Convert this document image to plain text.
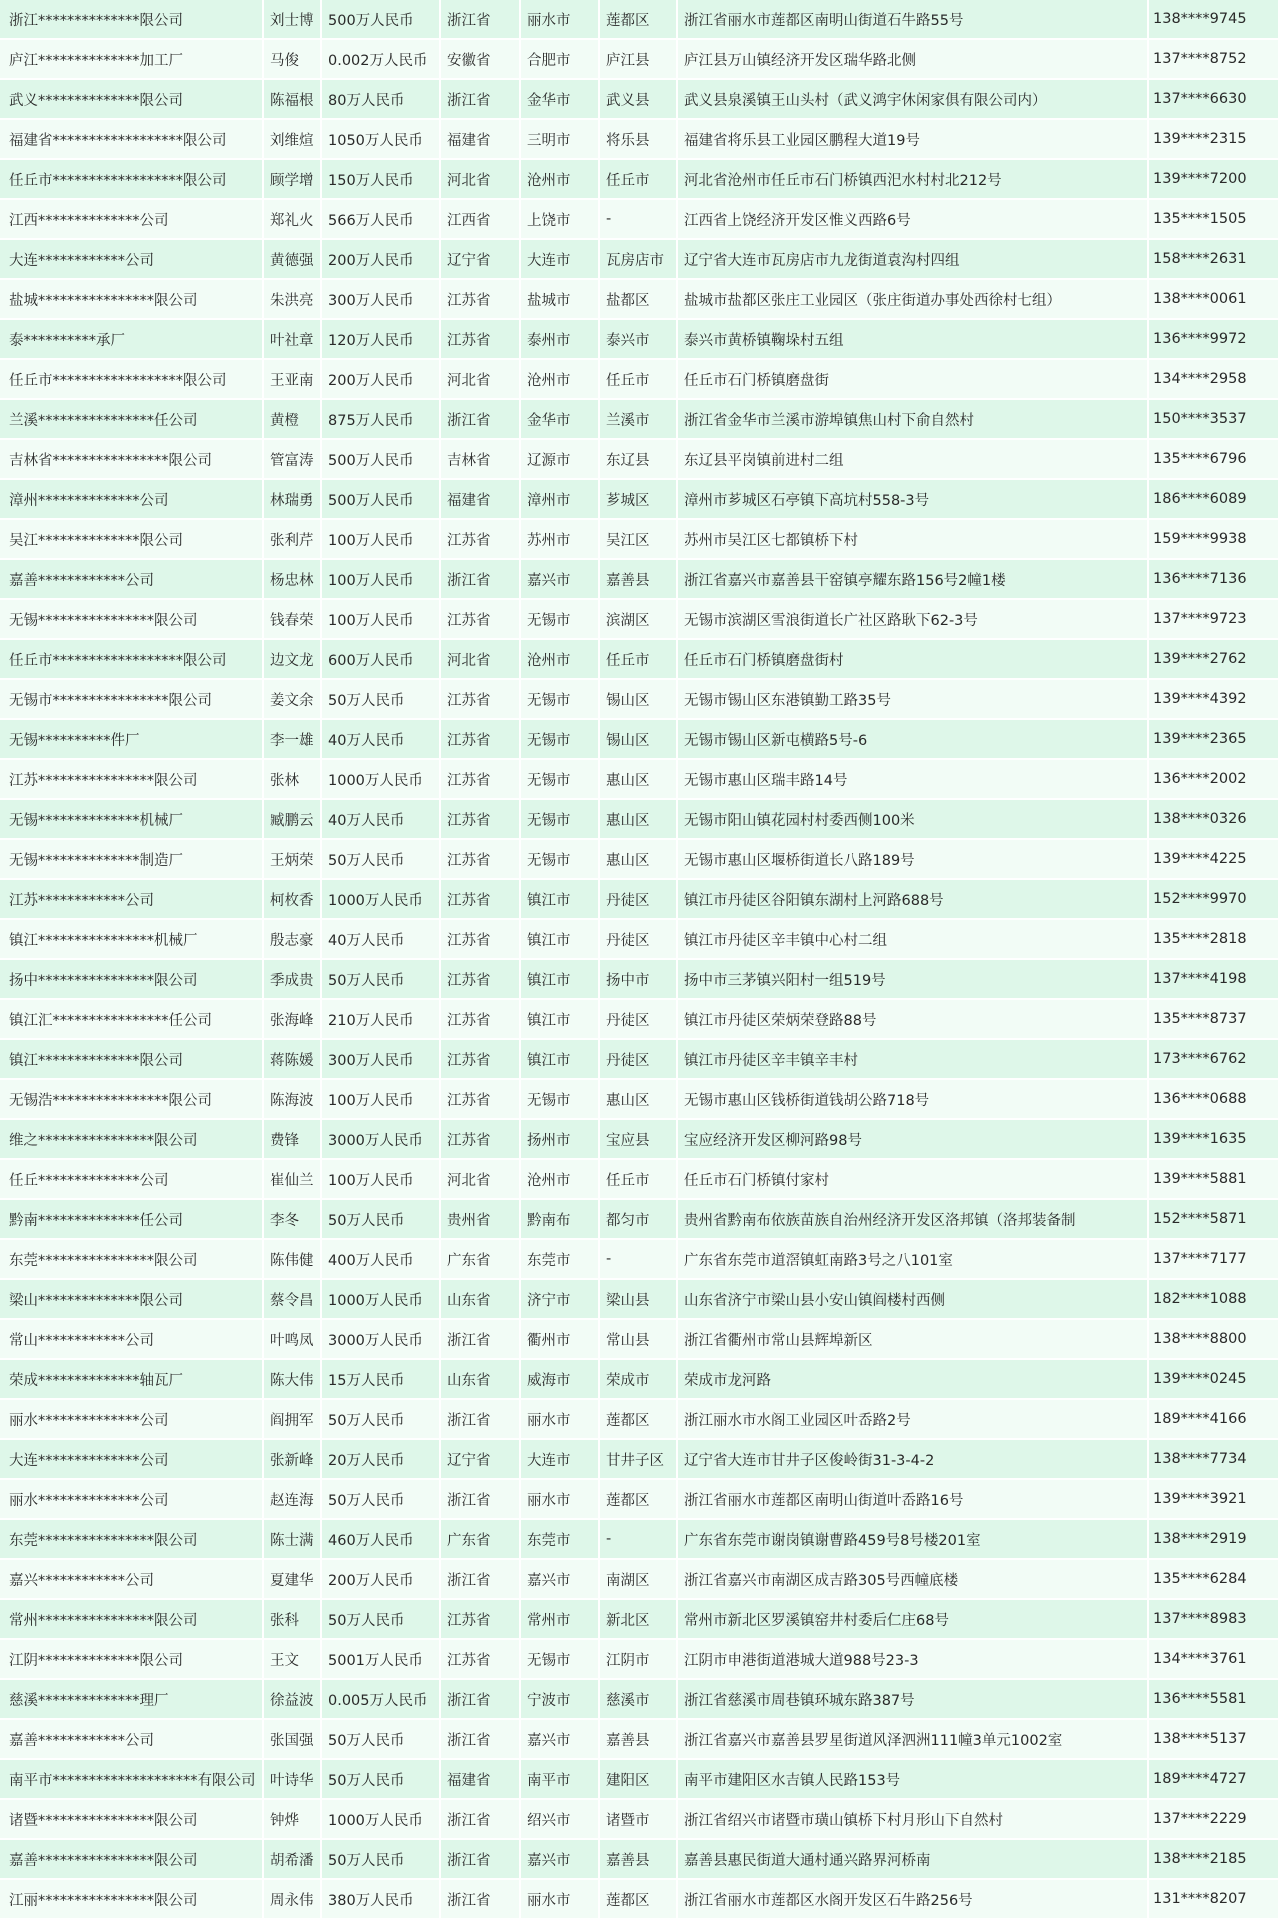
浙江**************限公司	刘士博	500万人民币	浙江省	丽水市	莲都区	浙江省丽水市莲都区南明山街道石牛路55号	138****9745
庐江**************加工厂	马俊	0.002万人民币	安徽省	合肥市	庐江县	庐江县万山镇经济开发区瑞华路北侧	137****8752
武义**************限公司	陈福根	80万人民币	浙江省	金华市	武义县	武义县泉溪镇王山头村（武义鸿宇休闲家俱有限公司内）	137****6630
福建省******************限公司	刘维煊	1050万人民币	福建省	三明市	将乐县	福建省将乐县工业园区鹏程大道19号	139****2315
任丘市******************限公司	顾学增	150万人民币	河北省	沧州市	任丘市	河北省沧州市任丘市石门桥镇西汜水村村北212号	139****7200
江西**************公司	郑礼火	566万人民币	江西省	上饶市	-	江西省上饶经济开发区惟义西路6号	135****1505
大连************公司	黄德强	200万人民币	辽宁省	大连市	瓦房店市	辽宁省大连市瓦房店市九龙街道袁沟村四组	158****2631
盐城****************限公司	朱洪亮	300万人民币	江苏省	盐城市	盐都区	盐城市盐都区张庄工业园区（张庄街道办事处西徐村七组）	138****0061
泰**********承厂	叶社章	120万人民币	江苏省	泰州市	泰兴市	泰兴市黄桥镇鞠垛村五组	136****9972
任丘市******************限公司	王亚南	200万人民币	河北省	沧州市	任丘市	任丘市石门桥镇磨盘街	134****2958
兰溪****************任公司	黄橙	875万人民币	浙江省	金华市	兰溪市	浙江省金华市兰溪市游埠镇焦山村下俞自然村	150****3537
吉林省****************限公司	管富涛	500万人民币	吉林省	辽源市	东辽县	东辽县平岗镇前进村二组	135****6796
漳州**************公司	林瑞勇	500万人民币	福建省	漳州市	芗城区	漳州市芗城区石亭镇下高坑村558-3号	186****6089
吴江**************限公司	张利芹	100万人民币	江苏省	苏州市	吴江区	苏州市吴江区七都镇桥下村	159****9938
嘉善************公司	杨忠林	100万人民币	浙江省	嘉兴市	嘉善县	浙江省嘉兴市嘉善县干窑镇亭耀东路156号2幢1楼	136****7136
无锡****************限公司	钱春荣	100万人民币	江苏省	无锡市	滨湖区	无锡市滨湖区雪浪街道长广社区路耿下62-3号	137****9723
任丘市******************限公司	边文龙	600万人民币	河北省	沧州市	任丘市	任丘市石门桥镇磨盘街村	139****2762
无锡市****************限公司	姜文余	50万人民币	江苏省	无锡市	锡山区	无锡市锡山区东港镇勤工路35号	139****4392
无锡**********件厂	李一雄	40万人民币	江苏省	无锡市	锡山区	无锡市锡山区新屯横路5号-6	139****2365
江苏****************限公司	张林	1000万人民币	江苏省	无锡市	惠山区	无锡市惠山区瑞丰路14号	136****2002
无锡**************机械厂	臧鹏云	40万人民币	江苏省	无锡市	惠山区	无锡市阳山镇花园村村委西侧100米	138****0326
无锡**************制造厂	王炳荣	50万人民币	江苏省	无锡市	惠山区	无锡市惠山区堰桥街道长八路189号	139****4225
江苏************公司	柯枚香	1000万人民币	江苏省	镇江市	丹徒区	镇江市丹徒区谷阳镇东湖村上河路688号	152****9970
镇江****************机械厂	殷志豪	40万人民币	江苏省	镇江市	丹徒区	镇江市丹徒区辛丰镇中心村二组	135****2818
扬中****************限公司	季成贵	50万人民币	江苏省	镇江市	扬中市	扬中市三茅镇兴阳村一组519号	137****4198
镇江汇****************任公司	张海峰	210万人民币	江苏省	镇江市	丹徒区	镇江市丹徒区荣炳荣登路88号	135****8737
镇江**************限公司	蒋陈媛	300万人民币	江苏省	镇江市	丹徒区	镇江市丹徒区辛丰镇辛丰村	173****6762
无锡浩****************限公司	陈海波	100万人民币	江苏省	无锡市	惠山区	无锡市惠山区钱桥街道钱胡公路718号	136****0688
维之****************限公司	费锋	3000万人民币	江苏省	扬州市	宝应县	宝应经济开发区柳河路98号	139****1635
任丘**************公司	崔仙兰	100万人民币	河北省	沧州市	任丘市	任丘市石门桥镇付家村	139****5881
黔南**************任公司	李冬	50万人民币	贵州省	黔南布	都匀市	贵州省黔南布依族苗族自治州经济开发区洛邦镇（洛邦装备制	152****5871
东莞****************限公司	陈伟健	400万人民币	广东省	东莞市	-	广东省东莞市道滘镇虹南路3号之八101室	137****7177
梁山**************限公司	蔡令昌	1000万人民币	山东省	济宁市	梁山县	山东省济宁市梁山县小安山镇阎楼村西侧	182****1088
常山************公司	叶鸣凤	3000万人民币	浙江省	衢州市	常山县	浙江省衢州市常山县辉埠新区	138****8800
荣成**************轴瓦厂	陈大伟	15万人民币	山东省	威海市	荣成市	荣成市龙河路	139****0245
丽水**************公司	阎拥军	50万人民币	浙江省	丽水市	莲都区	浙江丽水市水阁工业园区叶岙路2号	189****4166
大连**************公司	张新峰	20万人民币	辽宁省	大连市	甘井子区	辽宁省大连市甘井子区俊岭街31-3-4-2	138****7734
丽水**************公司	赵连海	50万人民币	浙江省	丽水市	莲都区	浙江省丽水市莲都区南明山街道叶岙路16号	139****3921
东莞****************限公司	陈士满	460万人民币	广东省	东莞市	-	广东省东莞市谢岗镇谢曹路459号8号楼201室	138****2919
嘉兴************公司	夏建华	200万人民币	浙江省	嘉兴市	南湖区	浙江省嘉兴市南湖区成吉路305号西幢底楼	135****6284
常州****************限公司	张科	50万人民币	江苏省	常州市	新北区	常州市新北区罗溪镇窑井村委后仁庄68号	137****8983
江阴**************限公司	王文	5001万人民币	江苏省	无锡市	江阴市	江阴市申港街道港城大道988号23-3	134****3761
慈溪**************理厂	徐益波	0.005万人民币	浙江省	宁波市	慈溪市	浙江省慈溪市周巷镇环城东路387号	136****5581
嘉善************公司	张国强	50万人民币	浙江省	嘉兴市	嘉善县	浙江省嘉兴市嘉善县罗星街道风泽泗洲111幢3单元1002室	138****5137
南平市********************有限公司	叶诗华	50万人民币	福建省	南平市	建阳区	南平市建阳区水吉镇人民路153号	189****4727
诸暨****************限公司	钟烨	1000万人民币	浙江省	绍兴市	诸暨市	浙江省绍兴市诸暨市璜山镇桥下村月形山下自然村	137****2229
嘉善****************限公司	胡希潘	50万人民币	浙江省	嘉兴市	嘉善县	嘉善县惠民街道大通村通兴路界河桥南	138****2185
江丽****************限公司	周永伟	380万人民币	浙江省	丽水市	莲都区	浙江省丽水市莲都区水阁开发区石牛路256号	131****8207
